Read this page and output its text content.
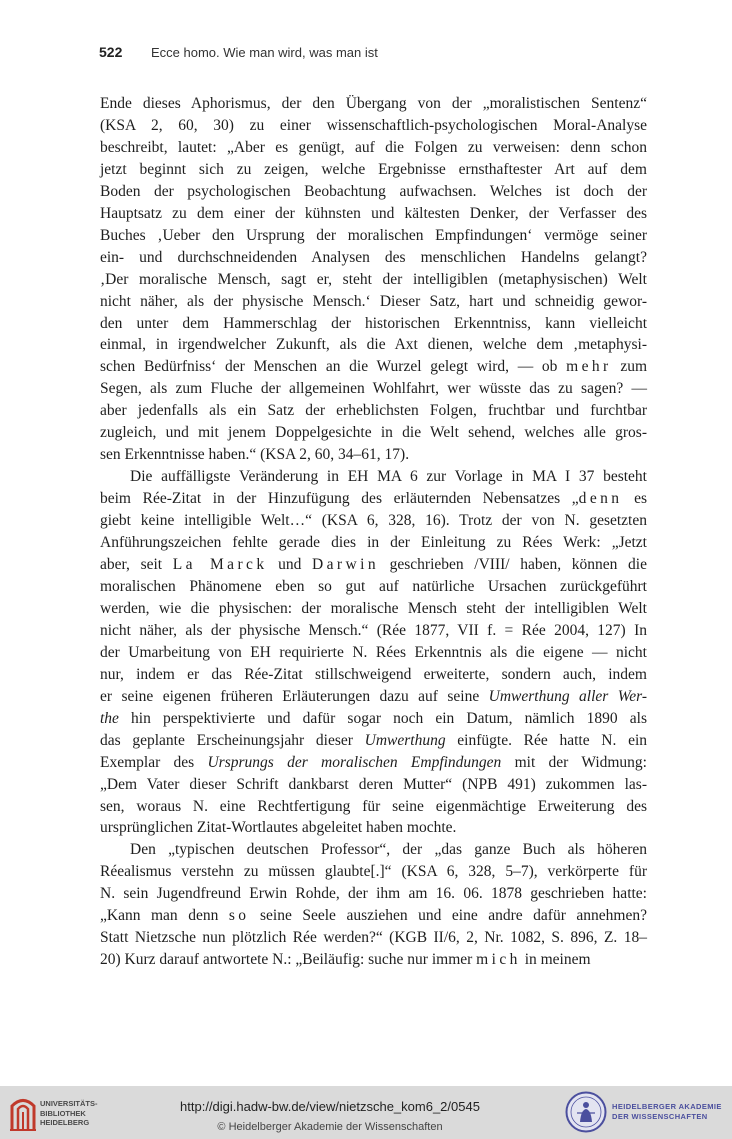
522 Ecce homo. Wie man wird, was man ist
Ende dieses Aphorismus, der den Übergang von der „moralistischen Sentenz“
(KSA 2, 60, 30) zu einer wissenschaftlich-psychologischen Moral-Analyse
beschreibt, lautet: „Aber es genügt, auf die Folgen zu verweisen: denn schon
jetzt beginnt sich zu zeigen, welche Ergebnisse ernsthaftester Art auf dem
Boden der psychologischen Beobachtung aufwachsen. Welches ist doch der
Hauptsatz zu dem einer der kühnsten und kältesten Denker, der Verfasser des
Buches ‚Ueber den Ursprung der moralischen Empfindungen‘ vermöge seiner
ein- und durchschneidenden Analysen des menschlichen Handelns gelangt?
‚Der moralische Mensch, sagt er, steht der intelligiblen (metaphysischen) Welt
nicht näher, als der physische Mensch.‘ Dieser Satz, hart und schneidig gewor-
den unter dem Hammerschlag der historischen Erkenntniss, kann vielleicht
einmal, in irgendwelcher Zukunft, als die Axt dienen, welche dem ‚metaphysi-
schen Bedürfniss‘ der Menschen an die Wurzel gelegt wird, — ob mehr zum
Segen, als zum Fluche der allgemeinen Wohlfahrt, wer wüsste das zu sagen? —
aber jedenfalls als ein Satz der erheblichsten Folgen, fruchtbar und furchtbar
zugleich, und mit jenem Doppelgesichte in die Welt sehend, welches alle gros-
sen Erkenntnisse haben.“ (KSA 2, 60, 34–61, 17).
Die auffälligste Veränderung in EH MA 6 zur Vorlage in MA I 37 besteht
beim Rée-Zitat in der Hinzufügung des erläuternden Nebensatzes „denn es
giebt keine intelligible Welt…“ (KSA 6, 328, 16). Trotz der von N. gesetzten
Anführungszeichen fehlte gerade dies in der Einleitung zu Rées Werk: „Jetzt
aber, seit La Marck und Darwin geschrieben /VIII/ haben, können die
moralischen Phänomene eben so gut auf natürliche Ursachen zurückgeführt
werden, wie die physischen: der moralische Mensch steht der intelligiblen Welt
nicht näher, als der physische Mensch.“ (Rée 1877, VII f. = Rée 2004, 127) In
der Umarbeitung von EH requirierte N. Rées Erkenntnis als die eigene — nicht
nur, indem er das Rée-Zitat stillschweigend erweiterte, sondern auch, indem
er seine eigenen früheren Erläuterungen dazu auf seine Umwerthung aller Wer-
the hin perspektivierte und dafür sogar noch ein Datum, nämlich 1890 als
das geplante Erscheinungsjahr dieser Umwerthung einfügte. Rée hatte N. ein
Exemplar des Ursprungs der moralischen Empfindungen mit der Widmung:
„Dem Vater dieser Schrift dankbarst deren Mutter“ (NPB 491) zukommen las-
sen, woraus N. eine Rechtfertigung für seine eigenmächtige Erweiterung des
ursprünglichen Zitat-Wortlautes abgeleitet haben mochte.
Den „typischen deutschen Professor“, der „das ganze Buch als höheren
Réealismus verstehn zu müssen glaubte[.]“ (KSA 6, 328, 5–7), verkörperte für
N. sein Jugendfreund Erwin Rohde, der ihm am 16. 06. 1878 geschrieben hatte:
„Kann man denn so seine Seele ausziehen und eine andre dafür annehmen?
Statt Nietzsche nun plötzlich Rée werden?“ (KGB II/6, 2, Nr. 1082, S. 896, Z. 18–
20) Kurz darauf antwortete N.: „Beiläufig: suche nur immer mich in meinem
UNIVERSITÄTS-
BIBLIOTHEK
HEIDELBERG
http://digi.hadw-bw.de/view/nietzsche_kom6_2/0545
© Heidelberger Akademie der Wissenschaften
HEIDELBERGER AKADEMIE
DER WISSENSCHAFTEN
